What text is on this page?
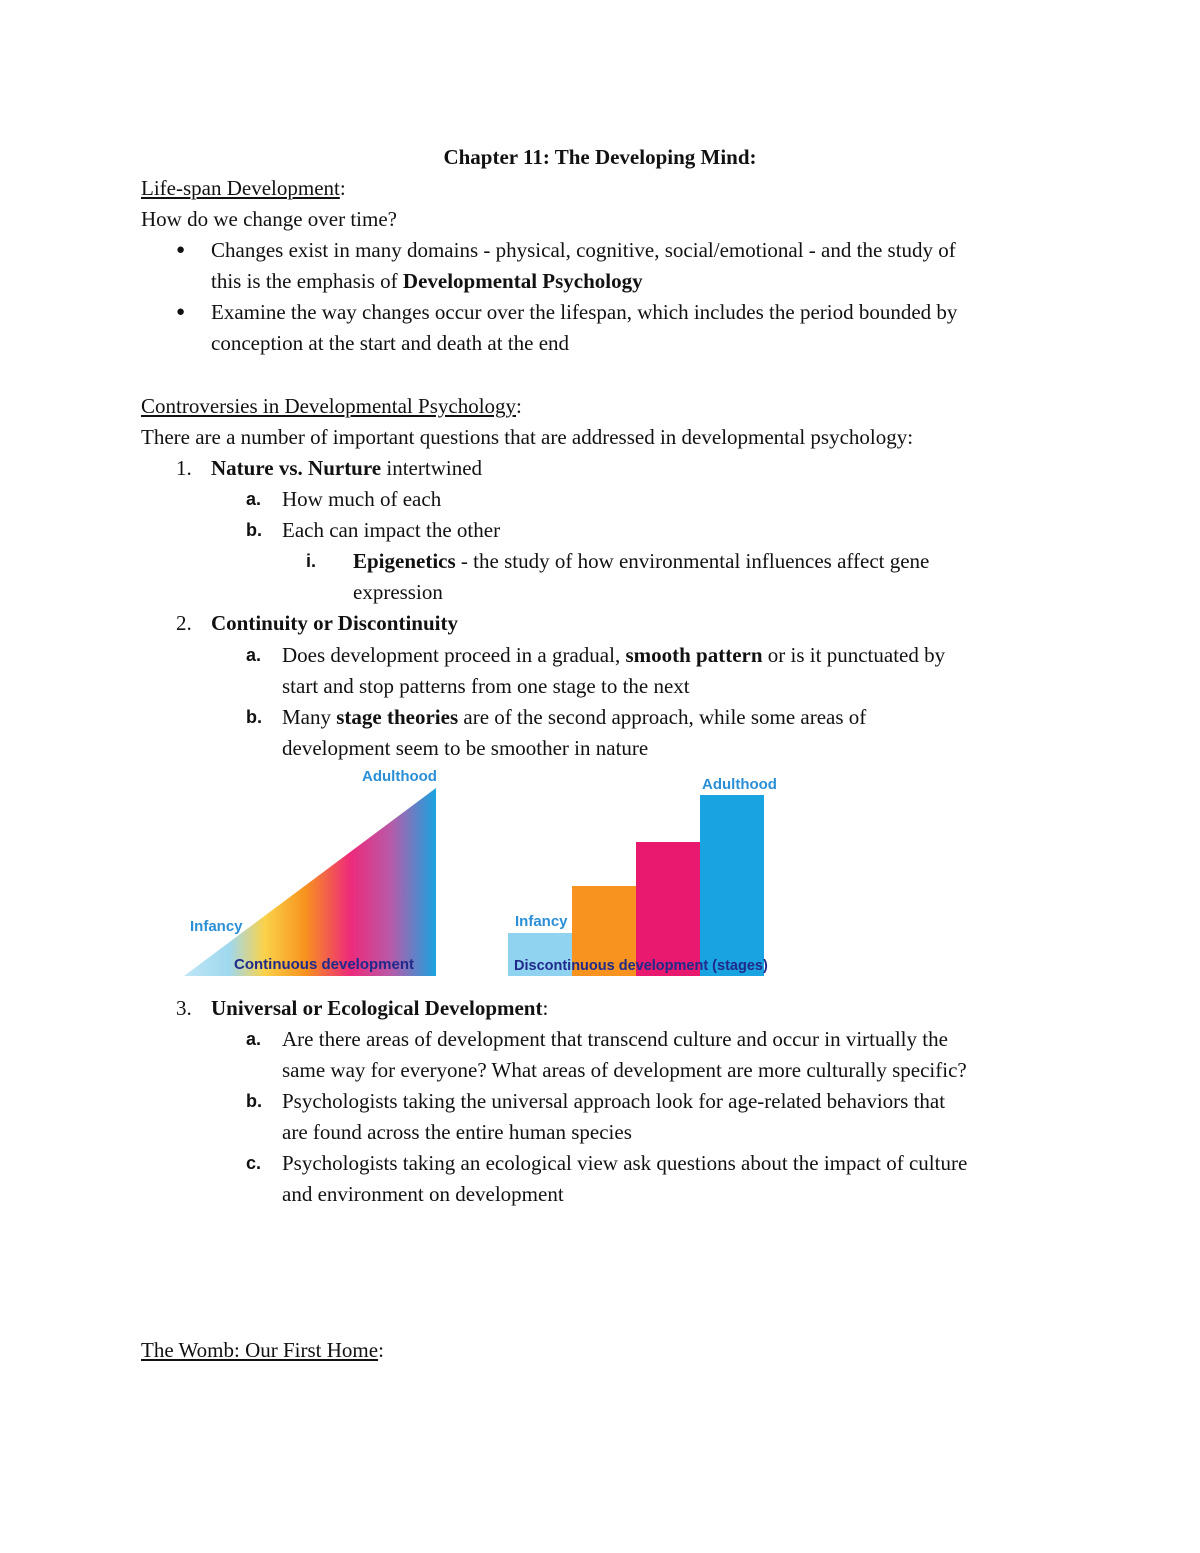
Chapter 11: The Developing Mind:
Life-span Development:
How do we change over time?
● Changes exist in many domains - physical, cognitive, social/emotional - and the study of
this is the emphasis of Developmental Psychology
● Examine the way changes occur over the lifespan, which includes the period bounded by
conception at the start and death at the end
Controversies in Developmental Psychology:
There are a number of important questions that are addressed in developmental psychology:
1. Nature vs. Nurture intertwined
a. How much of each
b. Each can impact the other
i. Epigenetics - the study of how environmental influences affect gene
expression
2. Continuity or Discontinuity
a. Does development proceed in a gradual, smooth pattern or is it punctuated by
start and stop patterns from one stage to the next
b. Many stage theories are of the second approach, while some areas of
development seem to be smoother in nature
Adulthood
Infancy
Continuous development
Adulthood
Infancy
Discontinuous development (stages)
3. Universal or Ecological Development:
a. Are there areas of development that transcend culture and occur in virtually the
same way for everyone? What areas of development are more culturally specific?
b. Psychologists taking the universal approach look for age-related behaviors that
are found across the entire human species
c. Psychologists taking an ecological view ask questions about the impact of culture
and environment on development
The Womb: Our First Home:
